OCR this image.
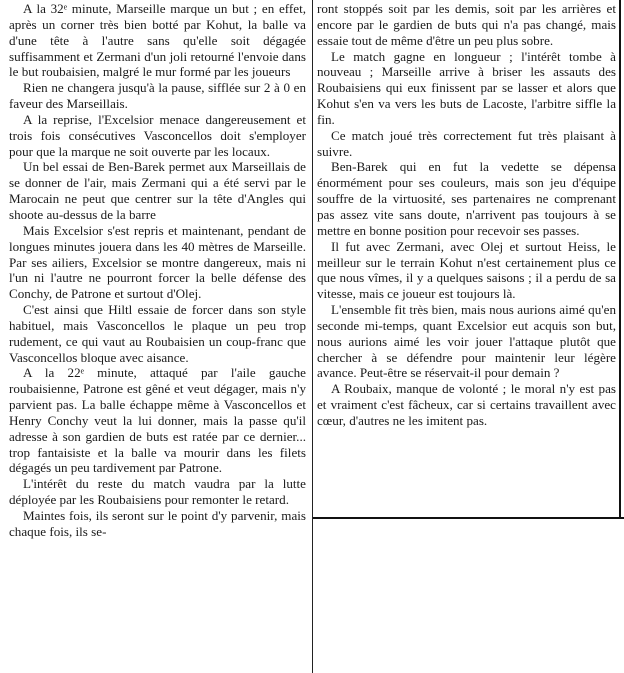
A la 32ᵉ minute, Marseille marque un but ; en effet, après un corner très bien botté par Kohut, la balle va d'une tête à l'autre sans qu'elle soit dégagée suffisamment et Zermani d'un joli retourné l'envoie dans le but roubaisien, malgré le mur formé par les joueurs

Rien ne changera jusqu'à la pause, sifflée sur 2 à 0 en faveur des Marseillais.

A la reprise, l'Excelsior menace dangereusement et trois fois consécutives Vasconcellos doit s'employer pour que la marque ne soit ouverte par les locaux.

Un bel essai de Ben-Barek permet aux Marseillais de se donner de l'air, mais Zermani qui a été servi par le Marocain ne peut que centrer sur la tête d'Angles qui shoote au-dessus de la barre

Mais Excelsior s'est repris et maintenant, pendant de longues minutes jouera dans les 40 mètres de Marseille. Par ses ailiers, Excelsior se montre dangereux, mais ni l'un ni l'autre ne pourront forcer la belle défense des Conchy, de Patrone et surtout d'Olej.

C'est ainsi que Hiltl essaie de forcer dans son style habituel, mais Vasconcellos le plaque un peu trop rudement, ce qui vaut au Roubaisien un coup-franc que Vasconcellos bloque avec aisance.

A la 22ᵉ minute, attaqué par l'aile gauche roubaisienne, Patrone est gêné et veut dégager, mais n'y parvient pas. La balle échappe même à Vasconcellos et Henry Conchy veut la lui donner, mais la passe qu'il adresse à son gardien de buts est ratée par ce dernier... trop fantaisiste et la balle va mourir dans les filets dégagés un peu tardivement par Patrone.

L'intérêt du reste du match vaudra par la lutte déployée par les Roubaisiens pour remonter le retard.

Maintes fois, ils seront sur le point d'y parvenir, mais chaque fois, ils se-

ront stoppés soit par les demis, soit par les arrières et encore par le gardien de buts qui n'a pas changé, mais essaie tout de même d'être un peu plus sobre.

Le match gagne en longueur ; l'intérêt tombe à nouveau ; Marseille arrive à briser les assauts des Roubaisiens qui eux finissent par se lasser et alors que Kohut s'en va vers les buts de Lacoste, l'arbitre siffle la fin.

Ce match joué très correctement fut très plaisant à suivre.

Ben-Barek qui en fut la vedette se dépensa énormément pour ses couleurs, mais son jeu d'équipe souffre de la virtuosité, ses partenaires ne comprenant pas assez vite sans doute, n'arrivent pas toujours à se mettre en bonne position pour recevoir ses passes.

Il fut avec Zermani, avec Olej et surtout Heiss, le meilleur sur le terrain Kohut n'est certainement plus ce que nous vîmes, il y a quelques saisons ; il a perdu de sa vitesse, mais ce joueur est toujours là.

L'ensemble fit très bien, mais nous aurions aimé qu'en seconde mi-temps, quant Excelsior eut acquis son but, nous aurions aimé les voir jouer l'attaque plutôt que chercher à se défendre pour maintenir leur légère avance. Peut-être se réservait-il pour demain ?

A Roubaix, manque de volonté ; le moral n'y est pas et vraiment c'est fâcheux, car si certains travaillent avec cœur, d'autres ne les imitent pas.
